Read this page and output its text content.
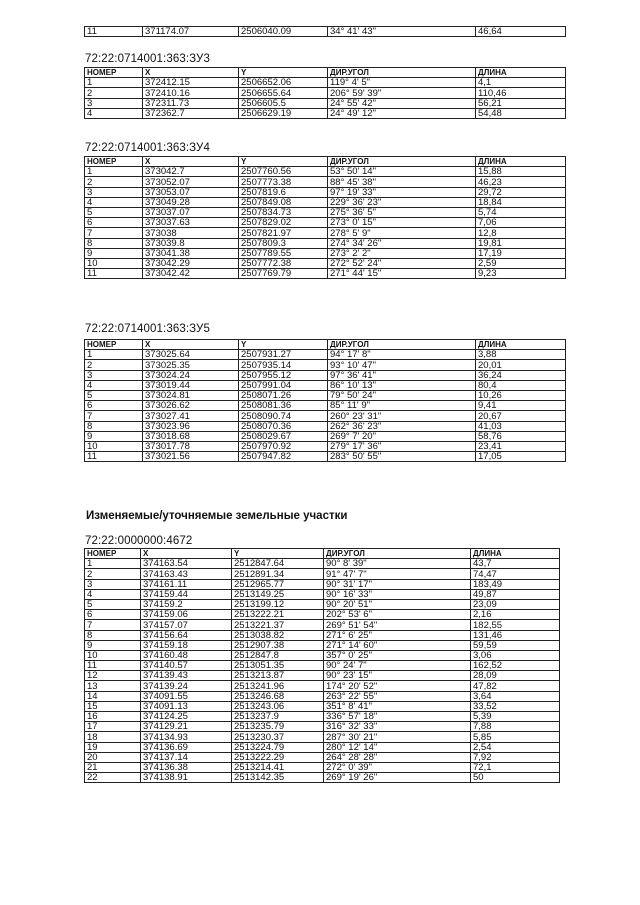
11	371174.07	2506040.09	34° 41' 43"	46,64
72:22:0714001:363:ЗУ3
НОМЕР	X	Y	ДИР.УГОЛ	ДЛИНА
1	372412.15	2506652.06	119° 4' 5"	4,1
2	372410.16	2506655.64	206° 59' 39"	110,46
3	372311.73	2506605.5	24° 55' 42"	56,21
4	372362.7	2506629.19	24° 49' 12"	54,48
72:22:0714001:363:ЗУ4
НОМЕР	X	Y	ДИР.УГОЛ	ДЛИНА
1	373042.7	2507760.56	53° 50' 14"	15,88
2	373052.07	2507773.38	88° 45' 38"	46,23
3	373053.07	2507819.6	97° 19' 33"	29,72
4	373049.28	2507849.08	229° 36' 23"	18,84
5	373037.07	2507834.73	275° 36' 5"	5,74
6	373037.63	2507829.02	273° 0' 15"	7,06
7	373038	2507821.97	278° 5' 9"	12,8
8	373039.8	2507809.3	274° 34' 26"	19,81
9	373041.38	2507789.55	273° 2' 2"	17,19
10	373042.29	2507772.38	272° 52' 24"	2,59
11	373042.42	2507769.79	271° 44' 15"	9,23
72:22:0714001:363:ЗУ5
НОМЕР	X	Y	ДИР.УГОЛ	ДЛИНА
1	373025.64	2507931.27	94° 17' 8"	3,88
2	373025.35	2507935.14	93° 10' 47"	20,01
3	373024.24	2507955.12	97° 36' 41"	36,24
4	373019.44	2507991.04	86° 10' 13"	80,4
5	373024.81	2508071.26	79° 50' 24"	10,26
6	373026.62	2508081.36	85° 11' 9"	9,41
7	373027.41	2508090.74	260° 23' 31"	20,67
8	373023.96	2508070.36	262° 36' 23"	41,03
9	373018.68	2508029.67	269° 7' 20"	58,76
10	373017.78	2507970.92	279° 17' 36"	23,41
11	373021.56	2507947.82	283° 50' 55"	17,05
Изменяемые/уточняемые земельные участки
72:22:0000000:4672
НОМЕР	X	Y	ДИР.УГОЛ	ДЛИНА
1	374163.54	2512847.64	90° 8' 39"	43,7
2	374163.43	2512891.34	91° 47' 7"	74,47
3	374161.11	2512965.77	90° 31' 17"	183,49
4	374159.44	2513149.25	90° 16' 33"	49,87
5	374159.2	2513199.12	90° 20' 51"	23,09
6	374159.06	2513222.21	202° 53' 6"	2,16
7	374157.07	2513221.37	269° 51' 54"	182,55
8	374156.64	2513038.82	271° 6' 25"	131,46
9	374159.18	2512907.38	271° 14' 60"	59,59
10	374160.48	2512847.8	357° 0' 25"	3,06
11	374140.57	2513051.35	90° 24' 7"	162,52
12	374139.43	2513213.87	90° 23' 15"	28,09
13	374139.24	2513241.96	174° 20' 52"	47,82
14	374091.55	2513246.68	263° 22' 55"	3,64
15	374091.13	2513243.06	351° 8' 41"	33,52
16	374124.25	2513237.9	336° 57' 18"	5,39
17	374129.21	2513235.79	316° 32' 33"	7,88
18	374134.93	2513230.37	287° 30' 21"	5,85
19	374136.69	2513224.79	280° 12' 14"	2,54
20	374137.14	2513222.29	264° 28' 28"	7,92
21	374136.38	2513214.41	272° 0' 39"	72,1
22	374138.91	2513142.35	269° 19' 26"	50
